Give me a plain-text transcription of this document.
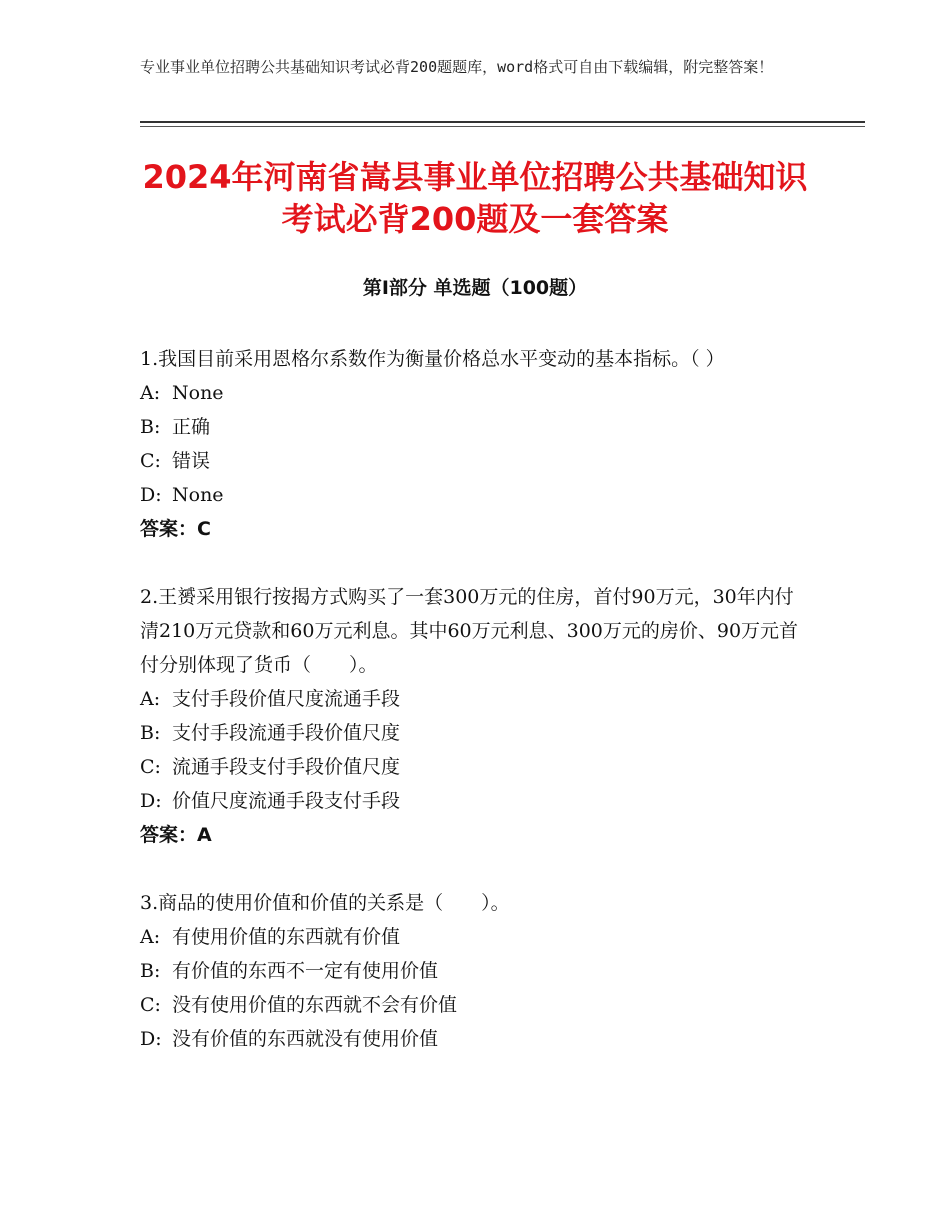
专业事业单位招聘公共基础知识考试必背200题题库，word格式可自由下载编辑，附完整答案！
2024年河南省嵩县事业单位招聘公共基础知识考试必背200题及一套答案
第Ⅰ部分 单选题（100题）
1.我国目前采用恩格尔系数作为衡量价格总水平变动的基本指标。（ ）
A: None
B: 正确
C: 错误
D: None
答案：C
2.王赟采用银行按揭方式购买了一套300万元的住房，首付90万元，30年内付清210万元贷款和60万元利息。其中60万元利息、300万元的房价、90万元首付分别体现了货币（　　）。
A: 支付手段价值尺度流通手段
B: 支付手段流通手段价值尺度
C: 流通手段支付手段价值尺度
D: 价值尺度流通手段支付手段
答案：A
3.商品的使用价值和价值的关系是（　　）。
A: 有使用价值的东西就有价值
B: 有价值的东西不一定有使用价值
C: 没有使用价值的东西就不会有价值
D: 没有价值的东西就没有使用价值
